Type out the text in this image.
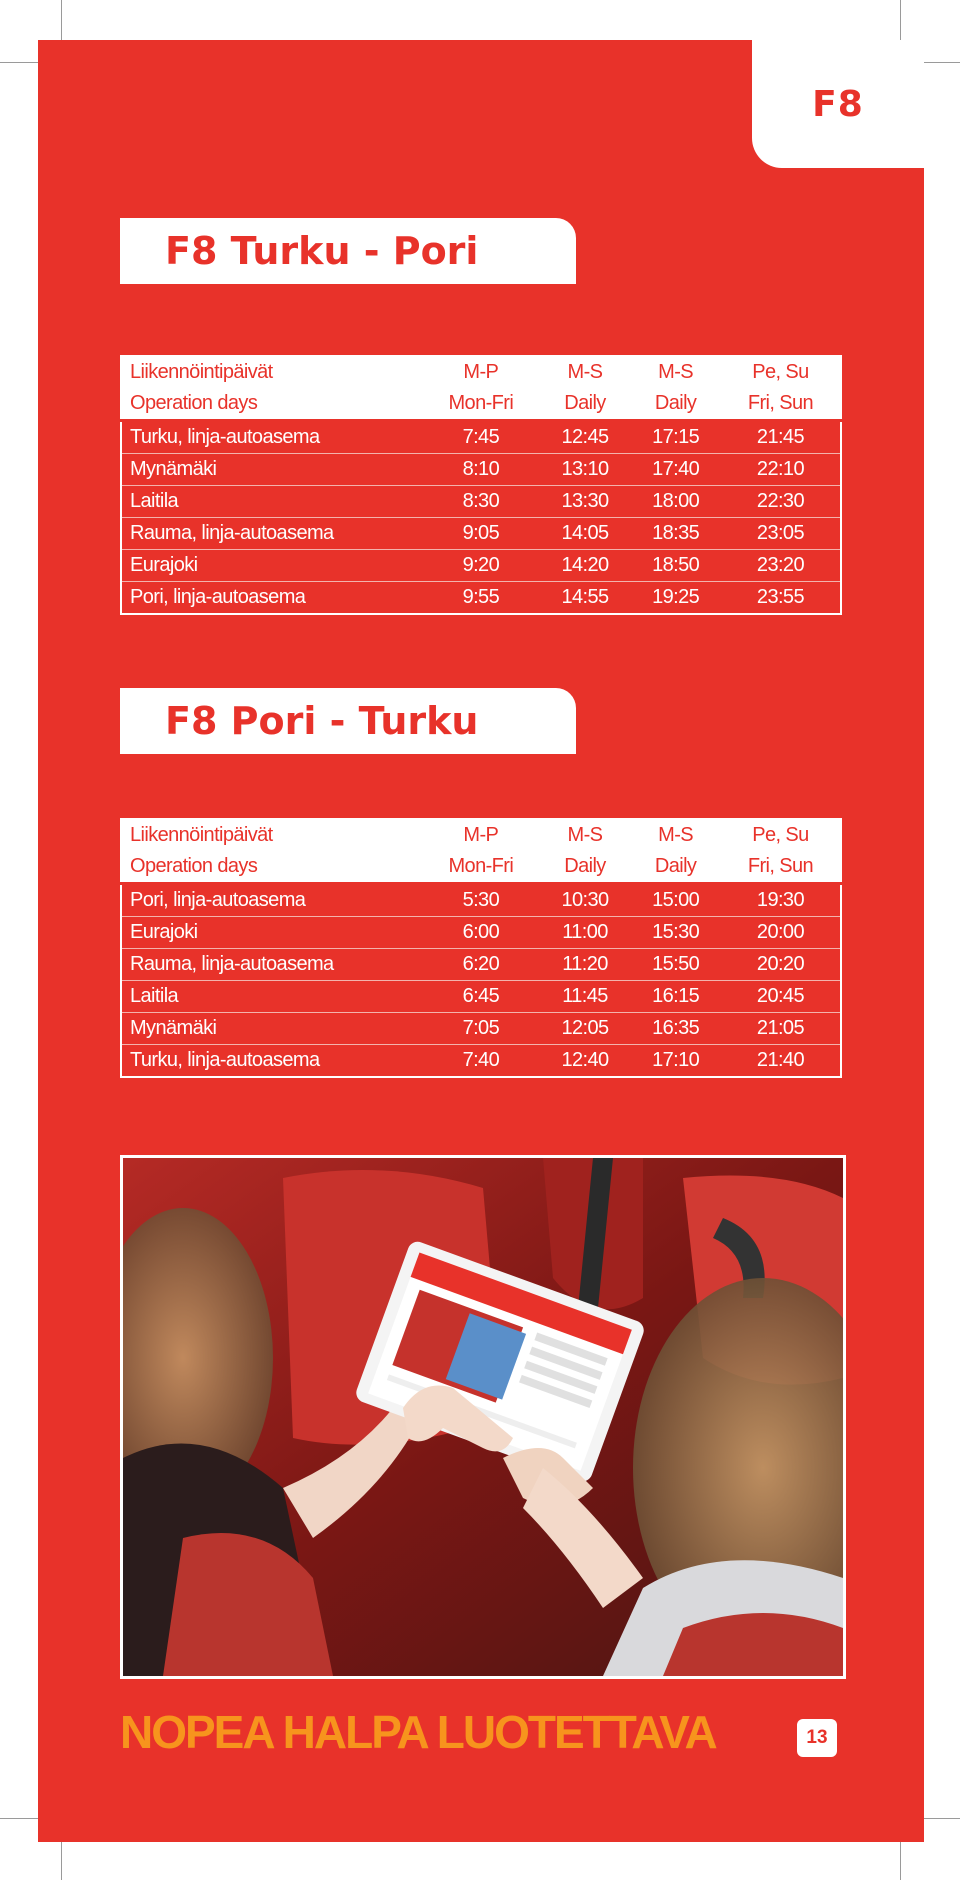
F8
F8 Turku - Pori
Liikennöintipäivät	M-P	M-S	M-S	Pe, Su
Operation days	Mon-Fri	Daily	Daily	Fri, Sun
Turku, linja-autoasema	7:45	12:45	17:15	21:45
Mynämäki	8:10	13:10	17:40	22:10
Laitila	8:30	13:30	18:00	22:30
Rauma, linja-autoasema	9:05	14:05	18:35	23:05
Eurajoki	9:20	14:20	18:50	23:20
Pori, linja-autoasema	9:55	14:55	19:25	23:55
F8 Pori - Turku
Liikennöintipäivät	M-P	M-S	M-S	Pe, Su
Operation days	Mon-Fri	Daily	Daily	Fri, Sun
Pori, linja-autoasema	5:30	10:30	15:00	19:30
Eurajoki	6:00	11:00	15:30	20:00
Rauma, linja-autoasema	6:20	11:20	15:50	20:20
Laitila	6:45	11:45	16:15	20:45
Mynämäki	7:05	12:05	16:35	21:05
Turku, linja-autoasema	7:40	12:40	17:10	21:40
NOPEA HALPA LUOTETTAVA	13
